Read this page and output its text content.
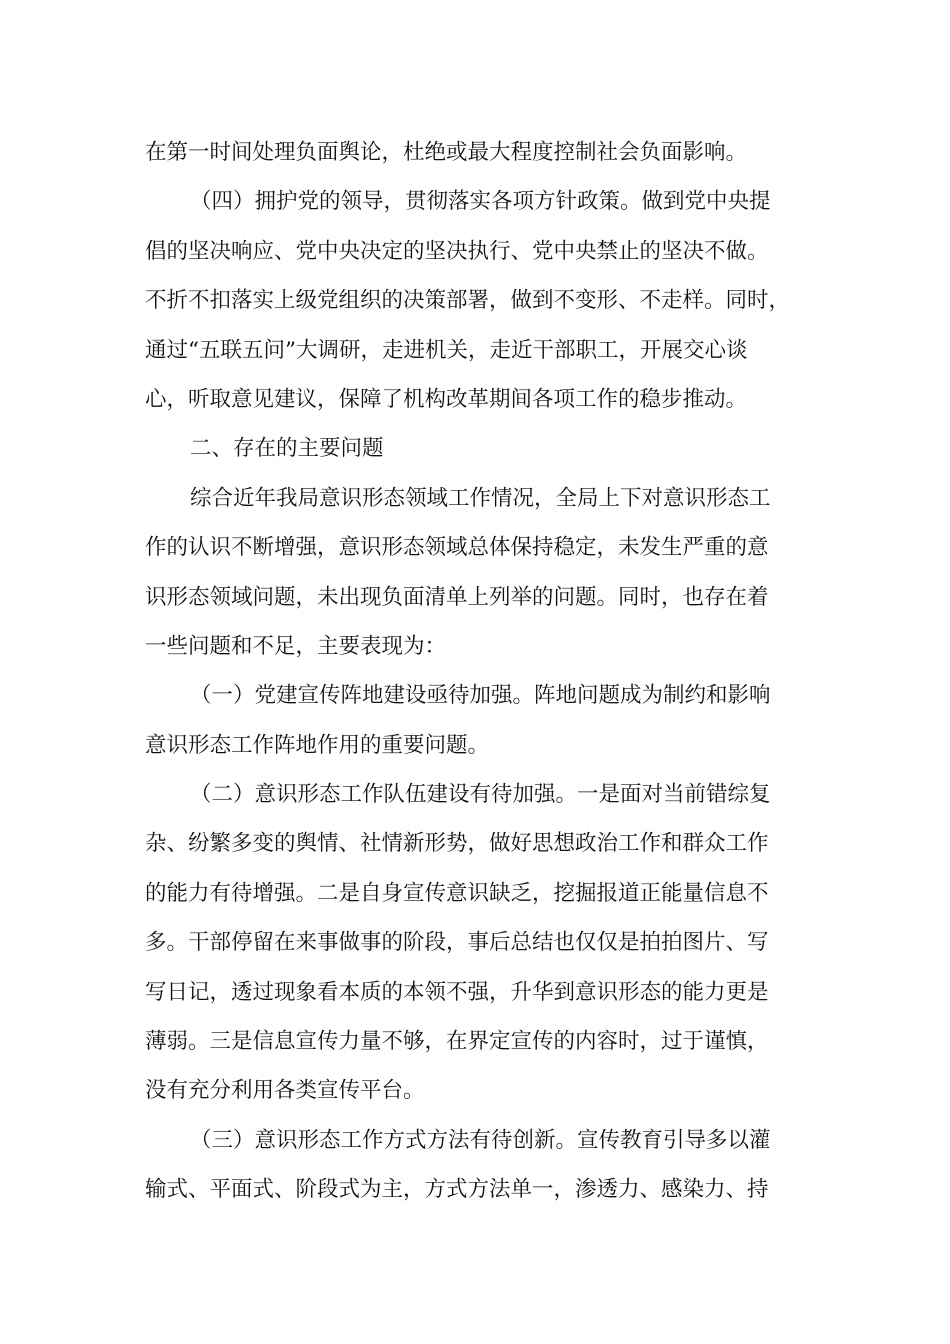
在第一时间处理负面舆论，杜绝或最大程度控制社会负面影响。
（四）拥护党的领导，贯彻落实各项方针政策。做到党中央提
倡的坚决响应、党中央决定的坚决执行、党中央禁止的坚决不做。
不折不扣落实上级党组织的决策部署，做到不变形、不走样。同时，
通过“五联五问”大调研，走进机关，走近干部职工，开展交心谈
心，听取意见建议，保障了机构改革期间各项工作的稳步推动。
二、存在的主要问题
综合近年我局意识形态领域工作情况，全局上下对意识形态工
作的认识不断增强，意识形态领域总体保持稳定，未发生严重的意
识形态领域问题，未出现负面清单上列举的问题。同时，也存在着
一些问题和不足，主要表现为：
（一）党建宣传阵地建设亟待加强。阵地问题成为制约和影响
意识形态工作阵地作用的重要问题。
（二）意识形态工作队伍建设有待加强。一是面对当前错综复
杂、纷繁多变的舆情、社情新形势，做好思想政治工作和群众工作
的能力有待增强。二是自身宣传意识缺乏，挖掘报道正能量信息不
多。干部停留在来事做事的阶段，事后总结也仅仅是拍拍图片、写
写日记，透过现象看本质的本领不强，升华到意识形态的能力更是
薄弱。三是信息宣传力量不够，在界定宣传的内容时，过于谨慎，
没有充分利用各类宣传平台。
（三）意识形态工作方式方法有待创新。宣传教育引导多以灌
输式、平面式、阶段式为主，方式方法单一，渗透力、感染力、持
